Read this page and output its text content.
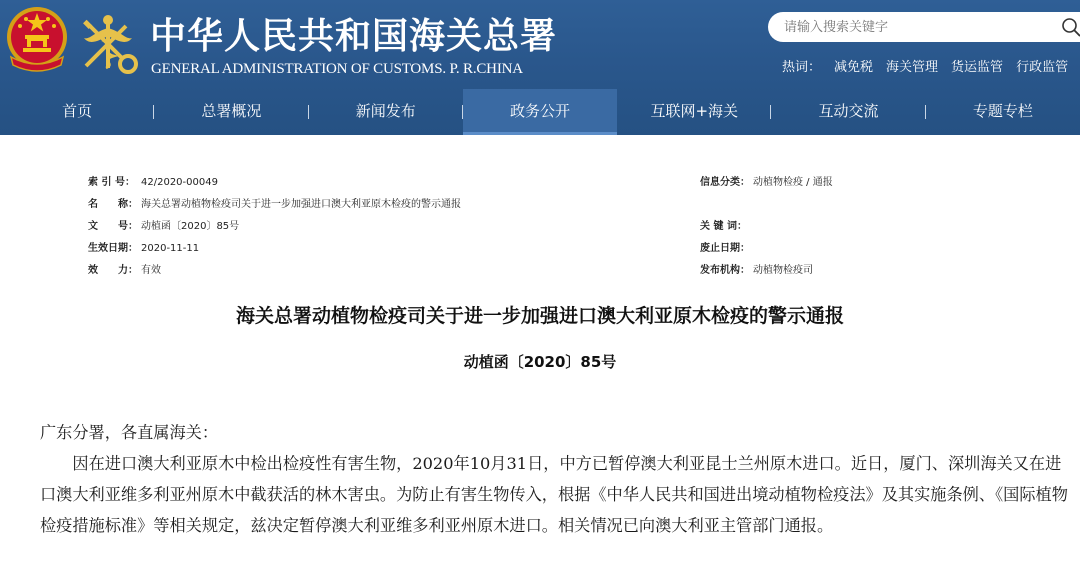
中华人民共和国海关总署
GENERAL ADMINISTRATION OF CUSTOMS. P. R.CHINA
请输入搜索关键字	热词： 减免税 海关管理 货运监管 行政监管
首页	总署概况	新闻发布	政务公开	互联网+海关	互动交流	专题专栏
索 引 号： 42/2020-00049	信息分类： 动植物检疫 / 通报
名　　称： 海关总署动植物检疫司关于进一步加强进口澳大利亚原木检疫的警示通报
文　　号： 动植函〔2020〕85号	关 键 词：
生效日期： 2020-11-11	废止日期：
效　　力： 有效	发布机构： 动植物检疫司
海关总署动植物检疫司关于进一步加强进口澳大利亚原木检疫的警示通报
动植函〔2020〕85号

广东分署，各直属海关：

因在进口澳大利亚原木中检出检疫性有害生物，2020年10月31日，中方已暂停澳大利亚昆士兰州原木进口。近日，厦门、深圳海关又在进口澳大利亚维多利亚州原木中截获活的林木害虫。为防止有害生物传入，根据《中华人民共和国进出境动植物检疫法》及其实施条例、《国际植物检疫措施标准》等相关规定，兹决定暂停澳大利亚维多利亚州原木进口。相关情况已向澳大利亚主管部门通报。
